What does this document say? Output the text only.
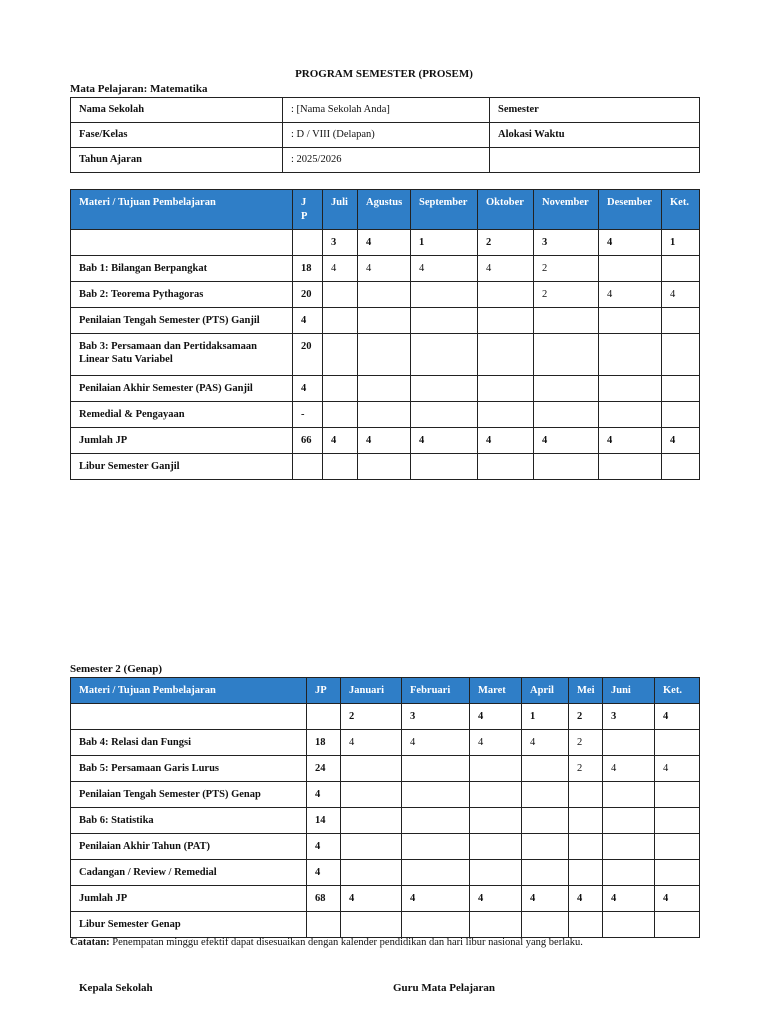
PROGRAM SEMESTER (PROSEM)
Mata Pelajaran: Matematika
Nama Sekolah	: [Nama Sekolah Anda]	Semester
Fase/Kelas	: D / VIII (Delapan)	Alokasi Waktu
Tahun Ajaran	: 2025/2026	
Materi / Tujuan Pembelajaran	J P	Juli	Agustus	September	Oktober	November	Desember	Ket.
		3	4	1	2	3	4	1
Bab 1: Bilangan Berpangkat	18	4	4	4	4	2		
Bab 2: Teorema Pythagoras	20					2	4	4
Penilaian Tengah Semester (PTS) Ganjil	4							
Bab 3: Persamaan dan Pertidaksamaan Linear Satu Variabel	20							
Penilaian Akhir Semester (PAS) Ganjil	4							
Remedial & Pengayaan	-							
Jumlah JP	66	4	4	4	4	4	4	4
Libur Semester Ganjil								
Semester 2 (Genap)
Materi / Tujuan Pembelajaran	JP	Januari	Februari	Maret	April	Mei	Juni	Ket.
		2	3	4	1	2	3	4
Bab 4: Relasi dan Fungsi	18	4	4	4	4	2		
Bab 5: Persamaan Garis Lurus	24					2	4	4
Penilaian Tengah Semester (PTS) Genap	4							
Bab 6: Statistika	14							
Penilaian Akhir Tahun (PAT)	4							
Cadangan / Review / Remedial	4							
Jumlah JP	68	4	4	4	4	4	4	4
Libur Semester Genap								
Catatan: Penempatan minggu efektif dapat disesuaikan dengan kalender pendidikan dan hari libur nasional yang berlaku.
Kepala Sekolah	Guru Mata Pelajaran
